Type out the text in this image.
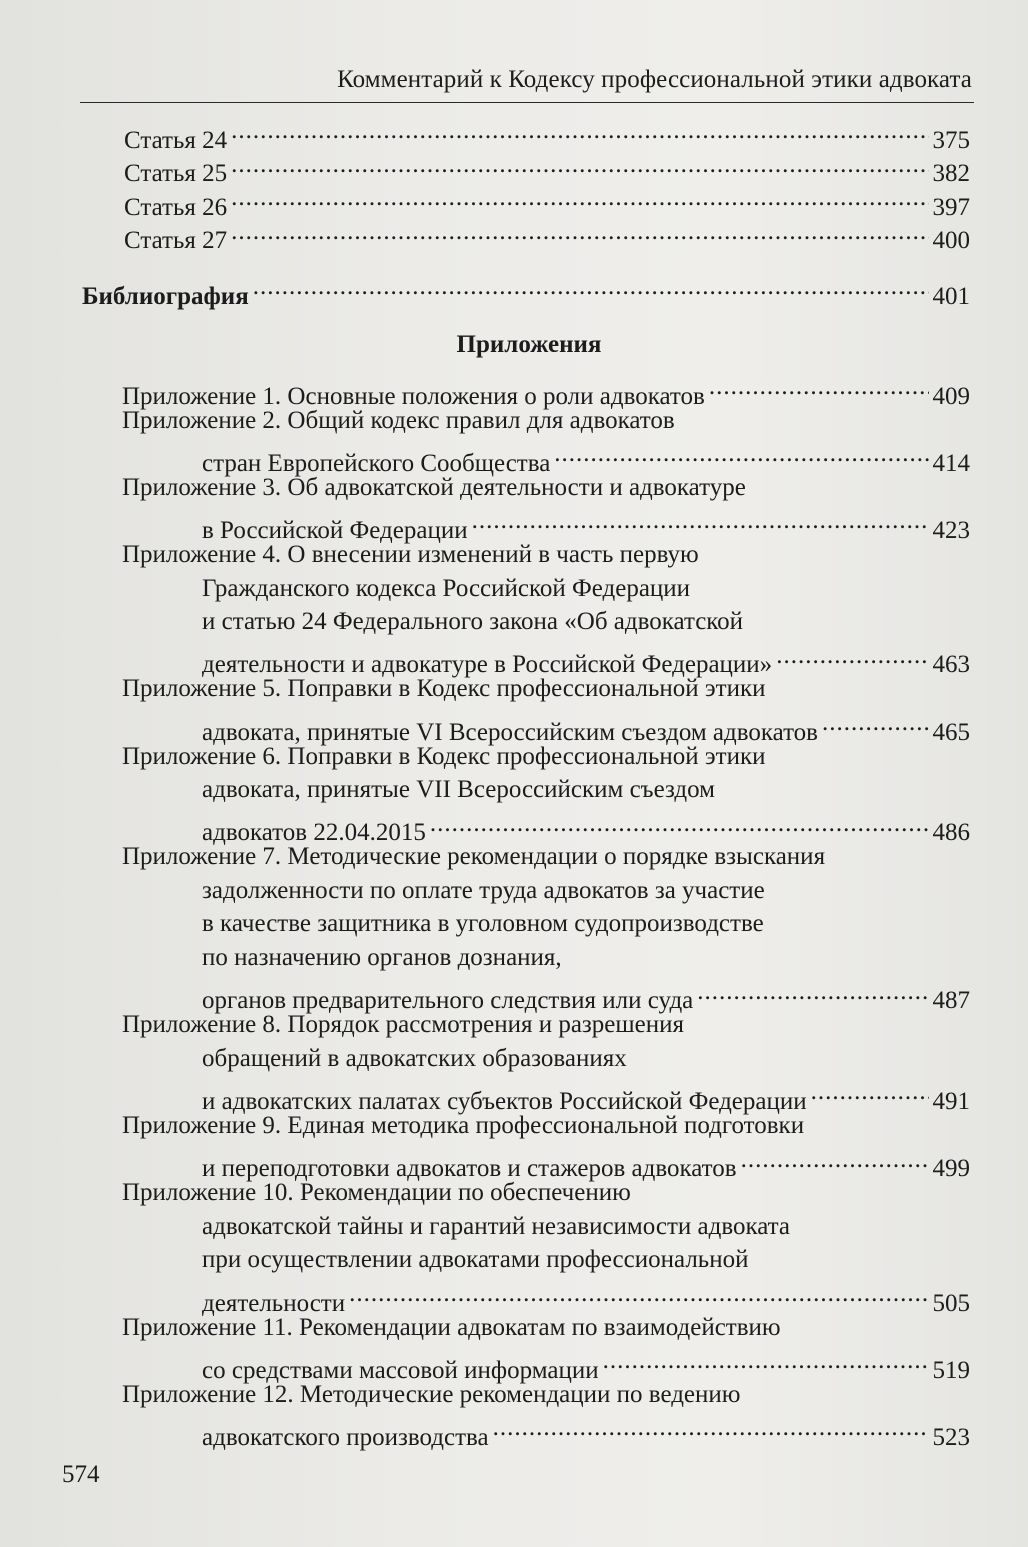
Комментарий к Кодексу профессиональной этики адвоката
Статья 24 .....	375
Статья 25 .....	382
Статья 26 .....	397
Статья 27 .....	400
Библиография .....	401
Приложения
Приложение 1. Основные положения о роли адвокатов .....	409
Приложение 2. Общий кодекс правил для адвокатов
стран Европейского Сообщества .....	414
Приложение 3. Об адвокатской деятельности и адвокатуре
в Российской Федерации .....	423
Приложение 4. О внесении изменений в часть первую
Гражданского кодекса Российской Федерации
и статью 24 Федерального закона «Об адвокатской
деятельности и адвокатуре в Российской Федерации» .....	463
Приложение 5. Поправки в Кодекс профессиональной этики
адвоката, принятые VI Всероссийским съездом адвокатов .....	465
Приложение 6. Поправки в Кодекс профессиональной этики
адвоката, принятые VII Всероссийским съездом
адвокатов 22.04.2015 .....	486
Приложение 7. Методические рекомендации о порядке взыскания
задолженности по оплате труда адвокатов за участие
в качестве защитника в уголовном судопроизводстве
по назначению органов дознания,
органов предварительного следствия или суда .....	487
Приложение 8. Порядок рассмотрения и разрешения
обращений в адвокатских образованиях
и адвокатских палатах субъектов Российской Федерации .....	491
Приложение 9. Единая методика профессиональной подготовки
и переподготовки адвокатов и стажеров адвокатов .....	499
Приложение 10. Рекомендации по обеспечению
адвокатской тайны и гарантий независимости адвоката
при осуществлении адвокатами профессиональной
деятельности .....	505
Приложение 11. Рекомендации адвокатам по взаимодействию
со средствами массовой информации .....	519
Приложение 12. Методические рекомендации по ведению
адвокатского производства .....	523
574
